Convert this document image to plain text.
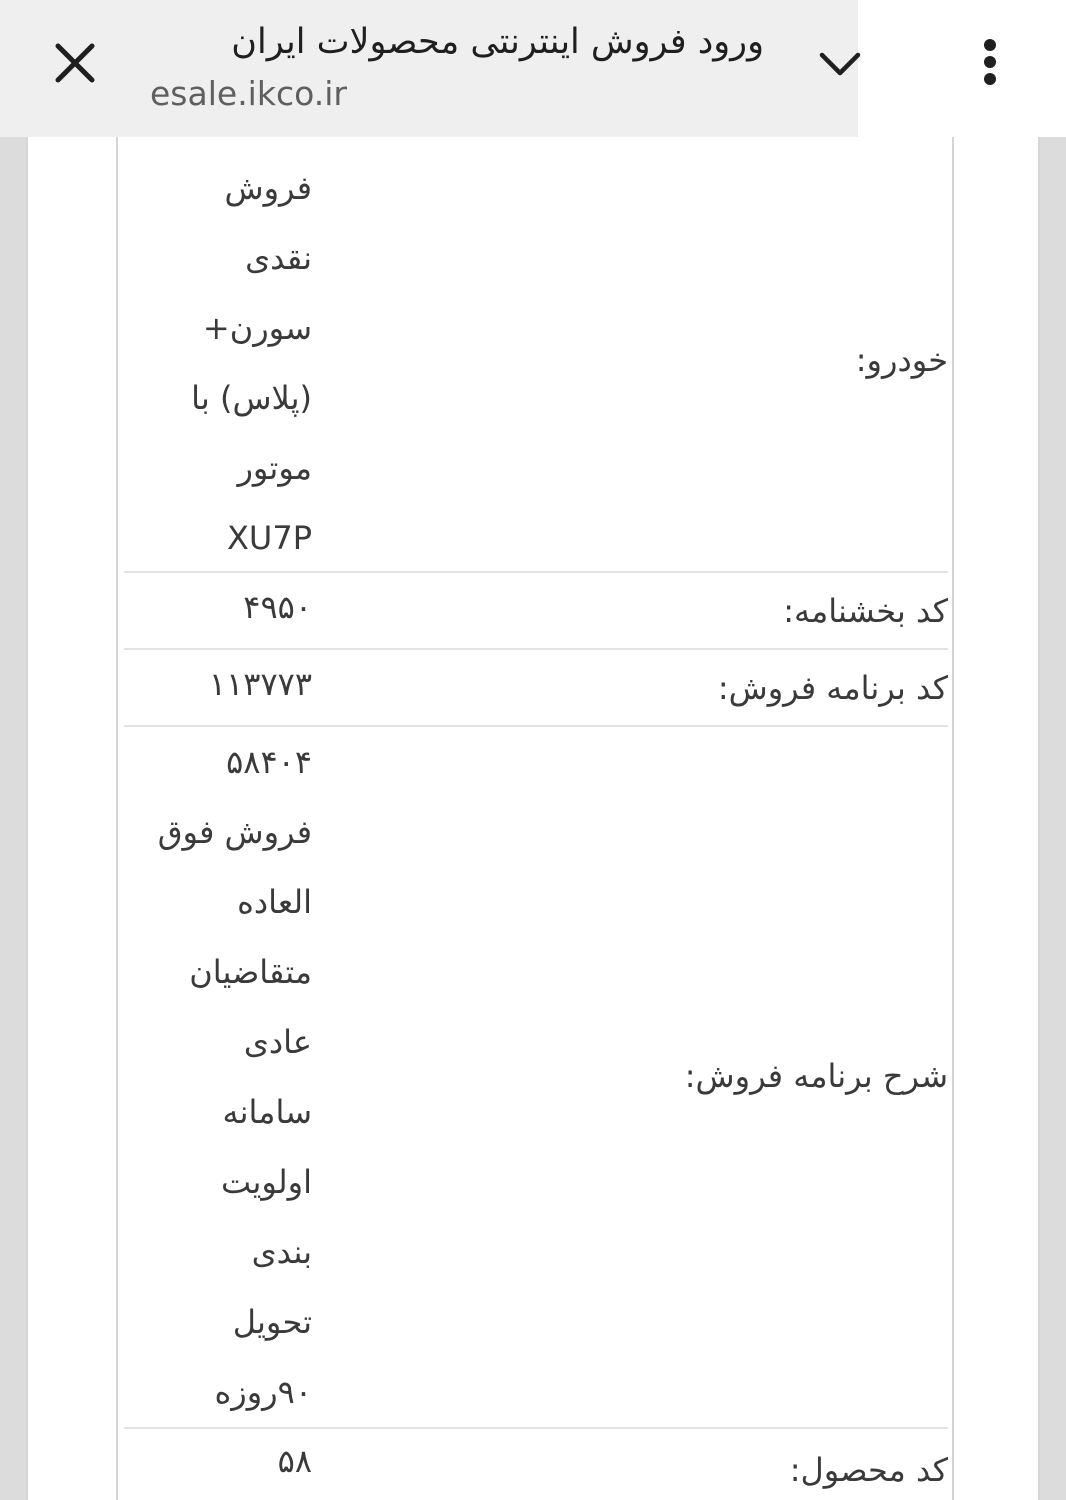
ورود فروش اینترنتی محصولات ایران
esale.ikco.ir
خودرو:
فروش
نقدی
سورن+
(پلاس) با
موتور
XU7P
کد بخشنامه:
۴۹۵۰
کد برنامه فروش:
۱۱۳۷۷۳
شرح برنامه فروش:
۵۸۴۰۴
فروش فوق
العاده
متقاضیان
عادی
سامانه
اولویت
بندی
تحویل
۹۰روزه
کد محصول:
۵۸
